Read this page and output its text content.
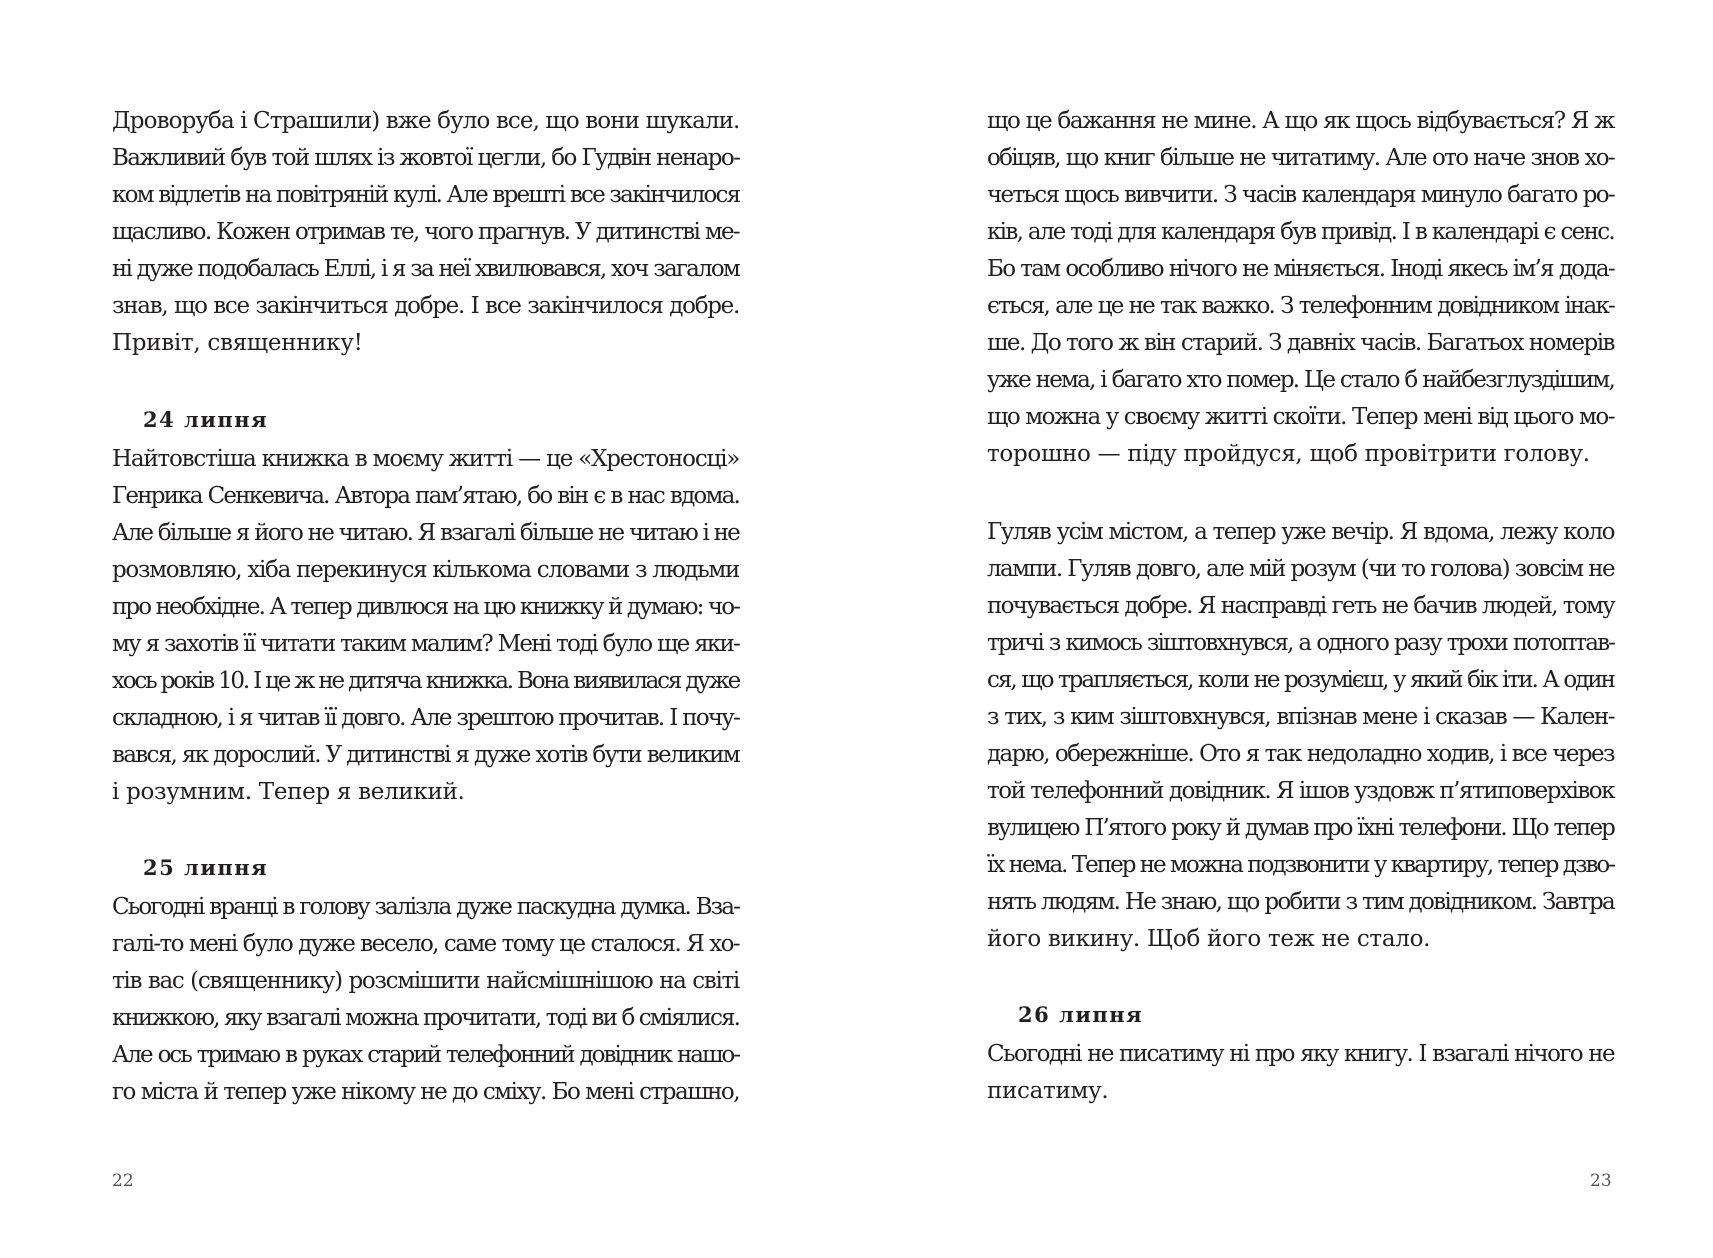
Дроворуба і Страшили) вже було все, що вони шукали.
Важливий був той шлях із жовтої цегли, бо Гудвін ненаро-
ком відлетів на повітряній кулі. Але врешті все закінчилося
щасливо. Кожен отримав те, чого прагнув. У дитинстві ме-
ні дуже подобалась Еллі, і я за неї хвилювався, хоч загалом
знав, що все закінчиться добре. І все закінчилося добре.
Привіт, священнику!
24 липня
Найтовстіша книжка в моєму житті — це «Хрестоносці»
Генрика Сенкевича. Автора пам’ятаю, бо він є в нас вдома.
Але більше я його не читаю. Я взагалі більше не читаю і не
розмовляю, хіба перекинуся кількома словами з людьми
про необхідне. А тепер дивлюся на цю книжку й думаю: чо-
му я захотів її читати таким малим? Мені тоді було ще яки-
хось років 10. І це ж не дитяча книжка. Вона виявилася дуже
складною, і я читав її довго. Але зрештою прочитав. І почу-
вався, як дорослий. У дитинстві я дуже хотів бути великим
і розумним. Тепер я великий.
25 липня
Сьогодні вранці в голову залізла дуже паскудна думка. Вза-
галі-то мені було дуже весело, саме тому це сталося. Я хо-
тів вас (священнику) розсмішити найсмішнішою на світі
книжкою, яку взагалі можна прочитати, тоді ви б сміялися.
Але ось тримаю в руках старий телефонний довідник нашо-
го міста й тепер уже нікому не до сміху. Бо мені страшно,
22
що це бажання не мине. А що як щось відбувається? Я ж
обіцяв, що книг більше не читатиму. Але ото наче знов хо-
четься щось вивчити. З часів календаря минуло багато ро-
ків, але тоді для календаря був привід. І в календарі є сенс.
Бо там особливо нічого не міняється. Іноді якесь ім’я дода-
ється, але це не так важко. З телефонним довідником інак-
ше. До того ж він старий. З давніх часів. Багатьох номерів
уже нема, і багато хто помер. Це стало б найбезглуздішим,
що можна у своєму житті скоїти. Тепер мені від цього мо-
торошно — піду пройдуся, щоб провітрити голову.
Гуляв усім містом, а тепер уже вечір. Я вдома, лежу коло
лампи. Гуляв довго, але мій розум (чи то голова) зовсім не
почувається добре. Я насправді геть не бачив людей, тому
тричі з кимось зіштовхнувся, а одного разу трохи потоптав-
ся, що трапляється, коли не розумієш, у який бік іти. А один
з тих, з ким зіштовхнувся, впізнав мене і сказав — Кален-
дарю, обережніше. Ото я так недоладно ходив, і все через
той телефонний довідник. Я ішов уздовж п’ятиповерхівок
вулицею П’ятого року й думав про їхні телефони. Що тепер
їх нема. Тепер не можна подзвонити у квартиру, тепер дзво-
нять людям. Не знаю, що робити з тим довідником. Завтра
його викину. Щоб його теж не стало.
26 липня
Сьогодні не писатиму ні про яку книгу. І взагалі нічого не
писатиму.
23
